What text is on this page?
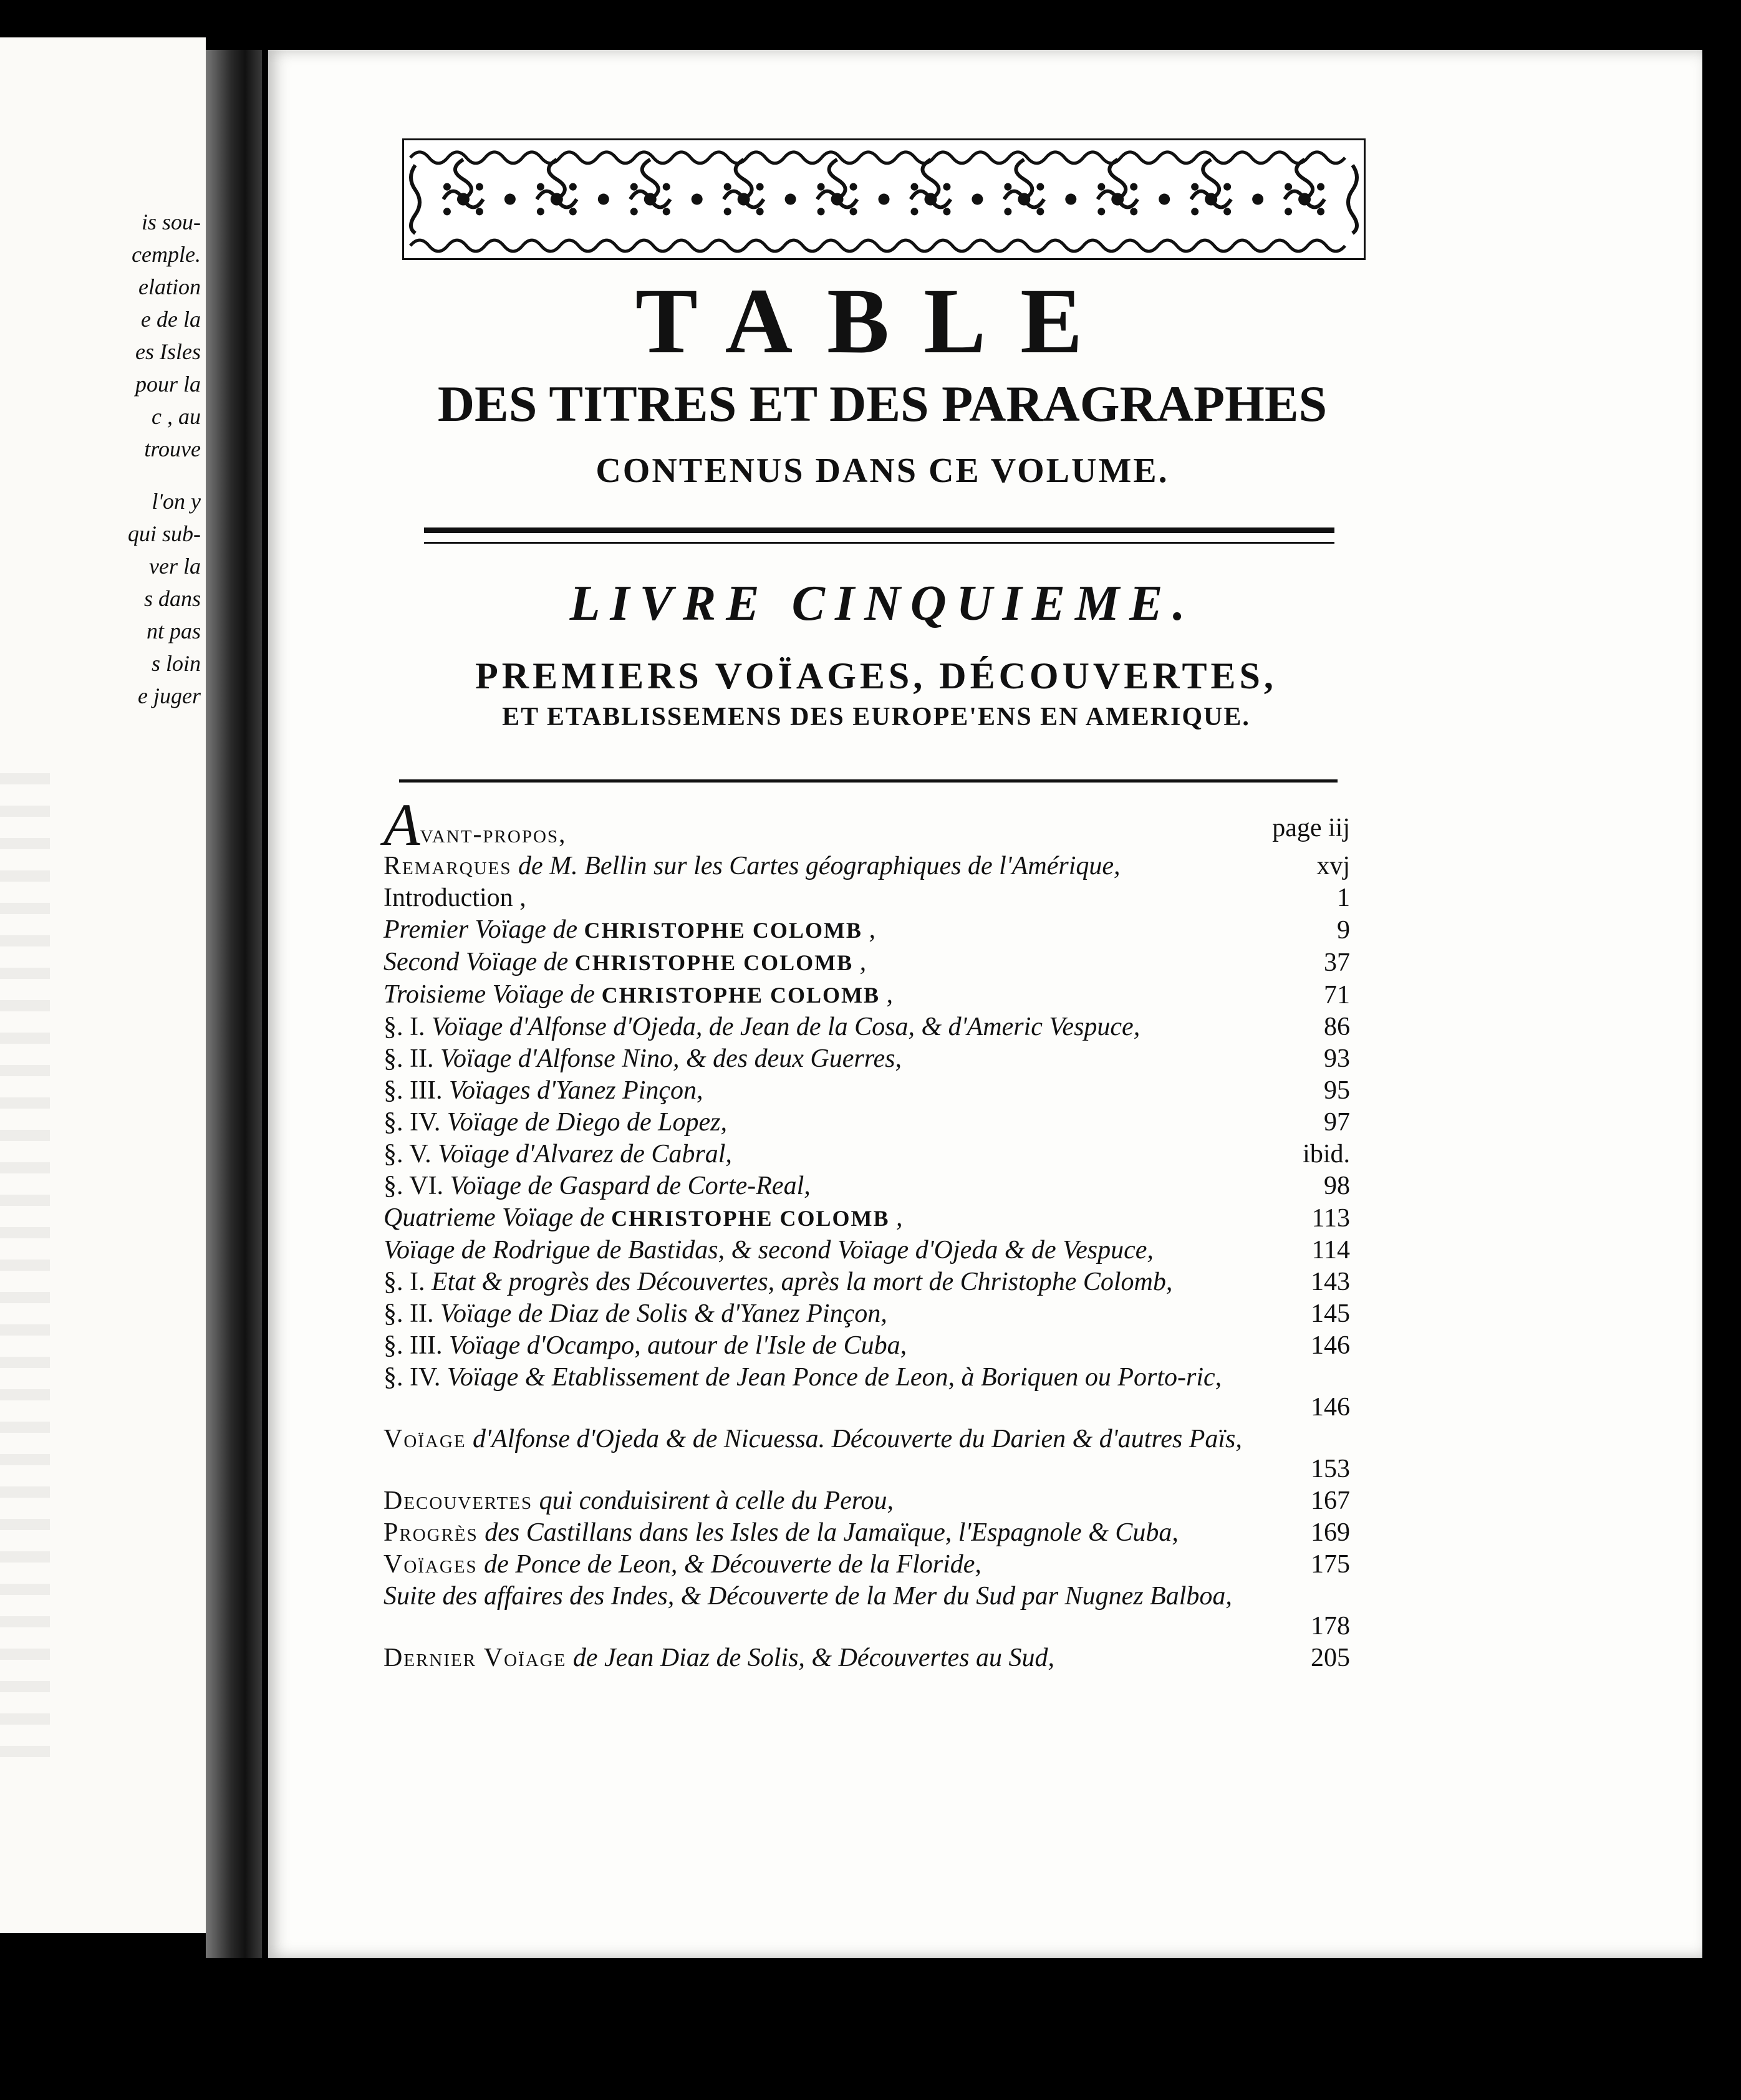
is sou-
cemple.
elation
e de la
es Isles
pour la
c , au
trouve
l'on y
qui sub-
ver la
s dans
nt pas
s loin
e juger
TABLE
DES TITRES ET DES PARAGRAPHES
CONTENUS DANS CE VOLUME.
LIVRE CINQUIEME.
PREMIERS VOÏAGES, DÉCOUVERTES,
ET ETABLISSEMENS DES EUROPE'ENS EN AMERIQUE.
Avant-propos,	page iij
Remarques de M. Bellin sur les Cartes géographiques de l'Amérique,	xvj
Introduction ,	1
Premier Voïage de CHRISTOPHE COLOMB ,	9
Second Voïage de CHRISTOPHE COLOMB ,	37
Troisieme Voïage de CHRISTOPHE COLOMB ,	71
§. I. Voïage d'Alfonse d'Ojeda, de Jean de la Cosa, & d'Americ Vespuce,	86
§. II. Voïage d'Alfonse Nino, & des deux Guerres,	93
§. III. Voïages d'Yanez Pinçon,	95
§. IV. Voïage de Diego de Lopez,	97
§. V. Voïage d'Alvarez de Cabral,	ibid.
§. VI. Voïage de Gaspard de Corte-Real,	98
Quatrieme Voïage de CHRISTOPHE COLOMB ,	113
Voïage de Rodrigue de Bastidas, & second Voïage d'Ojeda & de Vespuce,	114
§. I. Etat & progrès des Découvertes, après la mort de Christophe Colomb,	143
§. II. Voïage de Diaz de Solis & d'Yanez Pinçon,	145
§. III. Voïage d'Ocampo, autour de l'Isle de Cuba,	146
§. IV. Voïage & Etablissement de Jean Ponce de Leon, à Boriquen ou Porto-ric,
146
Voïage d'Alfonse d'Ojeda & de Nicuessa. Découverte du Darien & d'autres Païs,
153
Decouvertes qui conduisirent à celle du Perou,	167
Progrès des Castillans dans les Isles de la Jamaïque, l'Espagnole & Cuba,	169
Voïages de Ponce de Leon, & Découverte de la Floride,	175
Suite des affaires des Indes, & Découverte de la Mer du Sud par Nugnez Balboa,
178
Dernier Voïage de Jean Diaz de Solis, & Découvertes au Sud,	205
